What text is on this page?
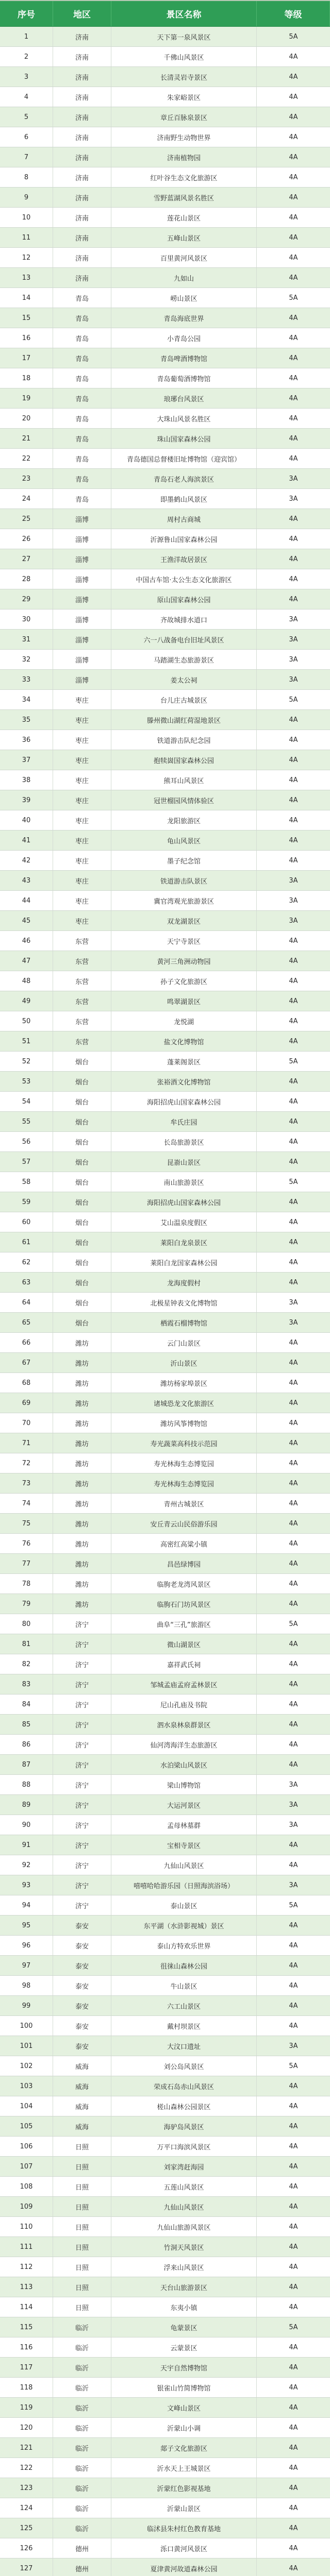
序号	地区	景区名称	等级
1	济南	天下第一泉风景区	5A
2	济南	千佛山风景区	4A
3	济南	长清灵岩寺景区	4A
4	济南	朱家峪景区	4A
5	济南	章丘百脉泉景区	4A
6	济南	济南野生动物世界	4A
7	济南	济南植物园	4A
8	济南	红叶谷生态文化旅游区	4A
9	济南	雪野蓝湖风景名胜区	4A
10	济南	莲花山景区	4A
11	济南	五峰山景区	4A
12	济南	百里黄河风景区	4A
13	济南	九如山	4A
14	青岛	崂山景区	5A
15	青岛	青岛海底世界	4A
16	青岛	小青岛公园	4A
17	青岛	青岛啤酒博物馆	4A
18	青岛	青岛葡萄酒博物馆	4A
19	青岛	琅琊台风景区	4A
20	青岛	大珠山风景名胜区	4A
21	青岛	珠山国家森林公园	4A
22	青岛	青岛德国总督楼旧址博物馆（迎宾馆）	4A
23	青岛	青岛石老人海滨景区	3A
24	青岛	即墨鹤山风景区	3A
25	淄博	周村古商城	4A
26	淄博	沂源鲁山国家森林公园	4A
27	淄博	王渔洋故居景区	4A
28	淄博	中国古车馆·太公生态文化旅游区	4A
29	淄博	原山国家森林公园	4A
30	淄博	齐故城排水道口	3A
31	淄博	六一八战备电台旧址风景区	3A
32	淄博	马踏湖生态旅游景区	3A
33	淄博	姜太公祠	3A
34	枣庄	台儿庄古城景区	5A
35	枣庄	滕州微山湖红荷湿地景区	4A
36	枣庄	铁道游击队纪念园	4A
37	枣庄	抱犊崮国家森林公园	4A
38	枣庄	熊耳山风景区	4A
39	枣庄	冠世榴园风情体验区	4A
40	枣庄	龙阳旅游区	4A
41	枣庄	龟山风景区	4A
42	枣庄	墨子纪念馆	4A
43	枣庄	铁道游击队景区	3A
44	枣庄	冀官湾观光旅游景区	3A
45	枣庄	双龙湖景区	3A
46	东营	天宁寺景区	4A
47	东营	黄河三角洲动物园	4A
48	东营	孙子文化旅游区	4A
49	东营	鸣翠湖景区	4A
50	东营	龙悦湖	4A
51	东营	盐文化博物馆	4A
52	烟台	蓬莱阁景区	5A
53	烟台	张裕酒文化博物馆	4A
54	烟台	海阳招虎山国家森林公园	4A
55	烟台	牟氏庄园	4A
56	烟台	长岛旅游景区	4A
57	烟台	昆嵛山景区	4A
58	烟台	南山旅游景区	5A
59	烟台	海阳招虎山国家森林公园	4A
60	烟台	艾山温泉度假区	4A
61	烟台	莱阳白龙泉景区	4A
62	烟台	莱阳白龙国家森林公园	4A
63	烟台	龙海度假村	4A
64	烟台	北极星钟表文化博物馆	3A
65	烟台	栖霞石榴博物馆	3A
66	潍坊	云门山景区	4A
67	潍坊	沂山景区	4A
68	潍坊	潍坊杨家埠景区	4A
69	潍坊	诸城恐龙文化旅游区	4A
70	潍坊	潍坊风筝博物馆	4A
71	潍坊	寿光蔬菜高科技示范园	4A
72	潍坊	寿光林海生态博览园	4A
73	潍坊	寿光林海生态博览园	4A
74	潍坊	青州古城景区	4A
75	潍坊	安丘青云山民俗游乐园	4A
76	潍坊	高密红高粱小镇	4A
77	潍坊	昌邑绿博园	4A
78	潍坊	临朐老龙湾风景区	4A
79	潍坊	临朐石门坊风景区	4A
80	济宁	曲阜“三孔”旅游区	5A
81	济宁	微山湖景区	4A
82	济宁	嘉祥武氏祠	4A
83	济宁	邹城孟庙孟府孟林景区	4A
84	济宁	尼山孔庙及书院	4A
85	济宁	泗水泉林泉群景区	4A
86	济宁	仙河湾海洋生态旅游区	4A
87	济宁	水泊梁山风景区	4A
88	济宁	梁山博物馆	3A
89	济宁	大运河景区	3A
90	济宁	孟母林墓群	3A
91	济宁	宝相寺景区	4A
92	济宁	九仙山风景区	4A
93	济宁	嘻嘻哈哈游乐园（日照海滨浴场）	3A
94	济宁	泰山景区	5A
95	泰安	东平湖（水浒影视城）景区	4A
96	泰安	泰山方特欢乐世界	4A
97	泰安	徂徕山森林公园	4A
98	泰安	牛山景区	4A
99	泰安	六工山景区	4A
100	泰安	戴村坝景区	4A
101	泰安	大汶口遗址	3A
102	威海	刘公岛风景区	5A
103	威海	荣成石岛赤山风景区	4A
104	威海	槎山森林公园景区	4A
105	威海	海驴岛风景区	4A
106	日照	万平口海滨风景区	4A
107	日照	刘家湾赶海园	4A
108	日照	五莲山风景区	4A
109	日照	九仙山风景区	4A
110	日照	九仙山旅游风景区	4A
111	日照	竹洞天风景区	4A
112	日照	浮来山风景区	4A
113	日照	天台山旅游景区	4A
114	日照	东夷小镇	4A
115	临沂	龟蒙景区	5A
116	临沂	云蒙景区	4A
117	临沂	天宇自然博物馆	4A
118	临沂	银雀山竹简博物馆	4A
119	临沂	文峰山景区	4A
120	临沂	沂蒙山小调	4A
121	临沂	郯子文化旅游区	4A
122	临沂	沂水天上王城景区	4A
123	临沂	沂蒙红色影视基地	4A
124	临沂	沂蒙山景区	4A
125	临沂	临沭县朱村红色教育基地	4A
126	德州	泺口黄河风景区	4A
127	德州	夏津黄河故道森林公园	4A
